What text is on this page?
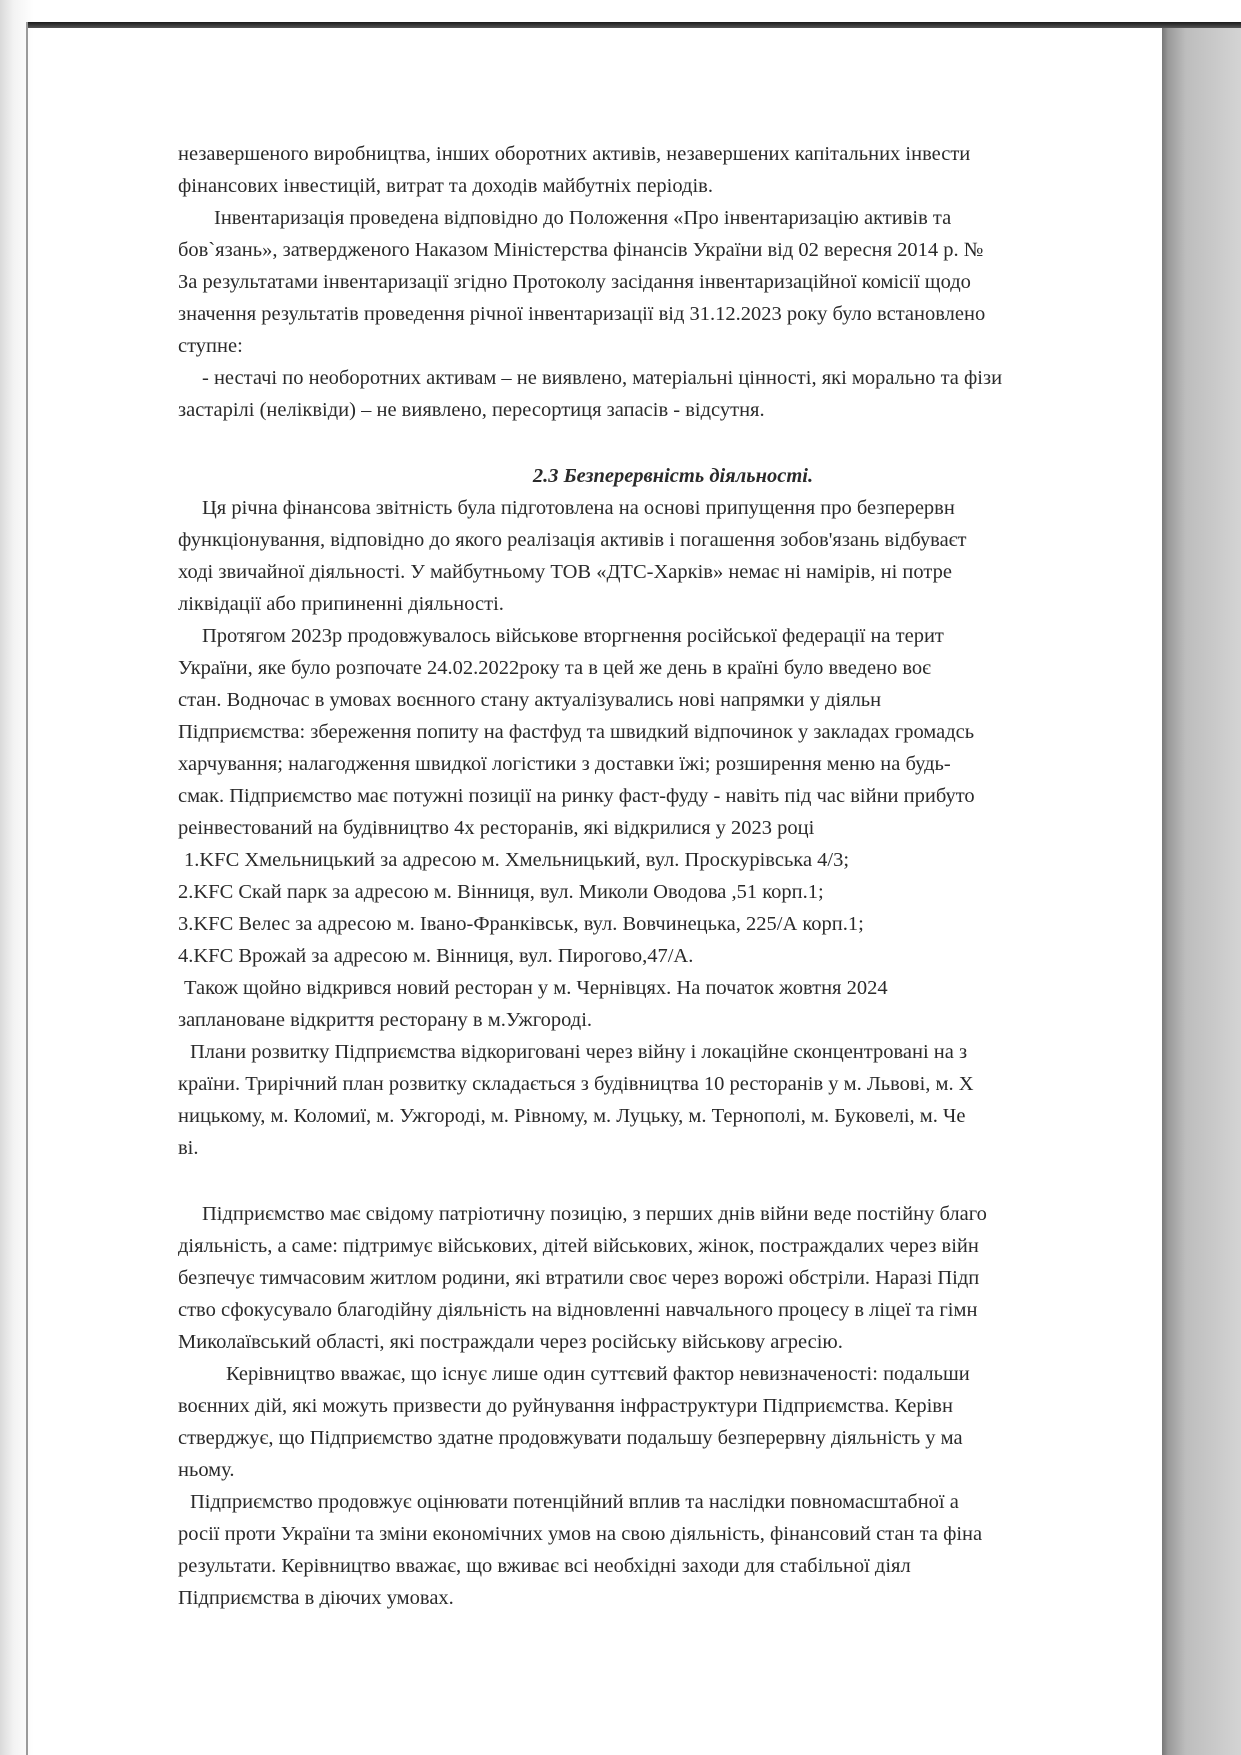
незавершеного виробництва, інших оборотних активів, незавершених капітальних інвести
фінансових інвестицій, витрат та доходів майбутніх періодів.
Інвентаризація проведена відповідно до Положення «Про інвентаризацію активів та
бов`язань», затвердженого Наказом Міністерства фінансів України від 02 вересня 2014 р. №
За результатами інвентаризації згідно Протоколу засідання інвентаризаційної комісії щодо
значення результатів проведення річної інвентаризації від 31.12.2023 року було встановлено
ступне:
- нестачі по необоротних активам – не виявлено, матеріальні цінності, які морально та фізи
застарілі (неліквіди) – не виявлено, пересортиця запасів - відсутня.
2.3 Безперервність діяльності.
Ця річна фінансова звітність була підготовлена на основі припущення про безперервн
функціонування, відповідно до якого реалізація активів і погашення зобов'язань відбуваєт
ході звичайної діяльності. У майбутньому ТОВ «ДТС-Харків» немає ні намірів, ні потре
ліквідації або припиненні діяльності.
Протягом 2023р продовжувалось військове вторгнення російської федерації на терит
України, яке було розпочате 24.02.2022року та в цей же день в країні було введено воє
стан. Водночас в умовах воєнного стану актуалізувались нові напрямки у діяльн
Підприємства: збереження попиту на фастфуд та швидкий відпочинок у закладах громадсь
харчування; налагодження швидкої логістики з доставки їжі; розширення меню на будь-
смак. Підприємство має потужні позиції на ринку фаст-фуду - навіть під час війни прибуто
реінвестований на будівництво 4х ресторанів, які відкрилися у 2023 році
1.KFC Хмельницький за адресою м. Хмельницький, вул. Проскурівська 4/3;
2.KFC Скай парк за адресою м. Вінниця, вул. Миколи Оводова ,51 корп.1;
3.KFC Велес за адресою м. Івано-Франківськ, вул. Вовчинецька, 225/А корп.1;
4.KFC Врожай за адресою м. Вінниця, вул. Пирогово,47/А.
Також щойно відкрився новий ресторан у м. Чернівцях. На початок жовтня 2024
заплановане відкриття ресторану в м.Ужгороді.
Плани розвитку Підприємства відкориговані через війну і локаційне сконцентровані на з
країни. Трирічний план розвитку складається з будівництва 10 ресторанів у м. Львові, м. Х
ницькому, м. Коломиї, м. Ужгороді, м. Рівному, м. Луцьку, м. Тернополі, м. Буковелі, м. Че
ві.
Підприємство має свідому патріотичну позицію, з перших днів війни веде постійну благо
діяльність, а саме: підтримує військових, дітей військових, жінок, постраждалих через війн
безпечує тимчасовим житлом родини, які втратили своє через ворожі обстріли. Наразі Підп
ство сфокусувало благодійну діяльність на відновленні навчального процесу в ліцеї та гімн
Миколаївський області, які постраждали через російську військову агресію.
Керівництво вважає, що існує лише один суттєвий фактор невизначеності: подальши
воєнних дій, які можуть призвести до руйнування інфраструктури Підприємства. Керівн
стверджує, що Підприємство здатне продовжувати подальшу безперервну діяльність у ма
ньому.
Підприємство продовжує оцінювати потенційний вплив та наслідки повномасштабної а
росії проти України та зміни економічних умов на свою діяльність, фінансовий стан та фіна
результати. Керівництво вважає, що вживає всі необхідні заходи для стабільної діял
Підприємства в діючих умовах.
